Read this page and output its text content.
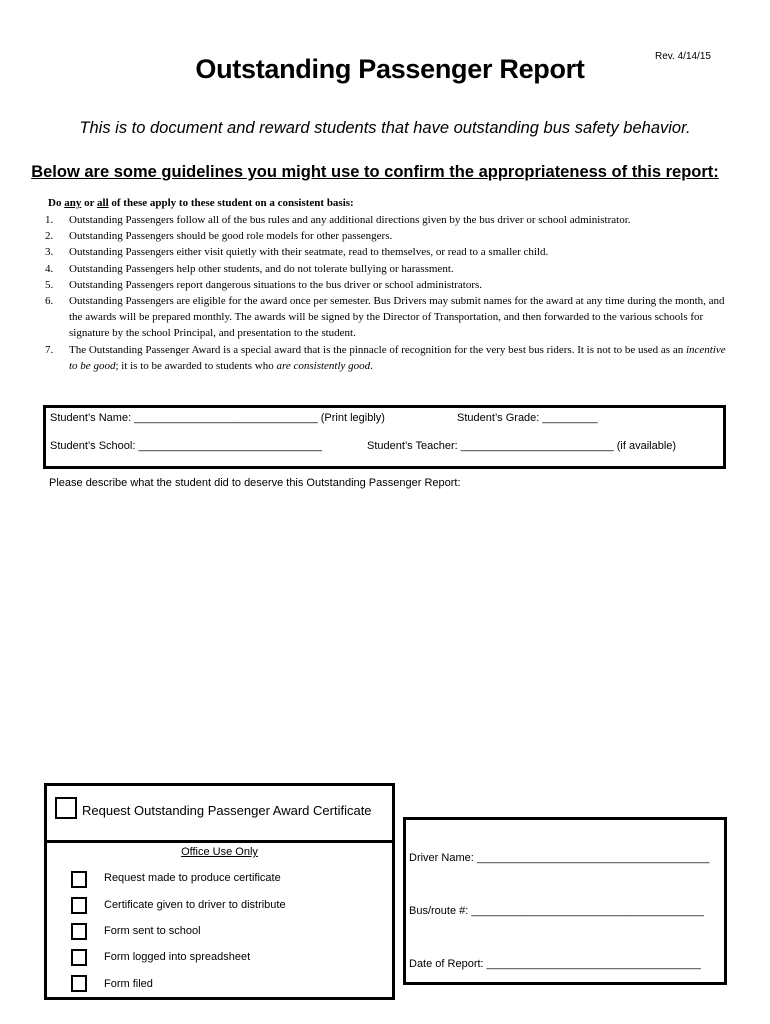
Rev. 4/14/15
Outstanding Passenger Report
This is to document and reward students that have outstanding bus safety behavior.
Below are some guidelines you might use to confirm the appropriateness of this report:
Do any or all of these apply to these student on a consistent basis:
1. Outstanding Passengers follow all of the bus rules and any additional directions given by the bus driver or school administrator.
2. Outstanding Passengers should be good role models for other passengers.
3. Outstanding Passengers either visit quietly with their seatmate, read to themselves, or read to a smaller child.
4. Outstanding Passengers help other students, and do not tolerate bullying or harassment.
5. Outstanding Passengers report dangerous situations to the bus driver or school administrators.
6. Outstanding Passengers are eligible for the award once per semester. Bus Drivers may submit names for the award at any time during the month, and the awards will be prepared monthly. The awards will be signed by the Director of Transportation, and then forwarded to the various schools for signature by the school Principal, and presentation to the student.
7. The Outstanding Passenger Award is a special award that is the pinnacle of recognition for the very best bus riders. It is not to be used as an incentive to be good; it is to be awarded to students who are consistently good.
Student’s Name: ______________________________ (Print legibly)	Student’s Grade: _________
Student’s School: ______________________________	Student’s Teacher: _________________________ (if available)
Please describe what the student did to deserve this Outstanding Passenger Report:
Request Outstanding Passenger Award Certificate
Office Use Only
Request made to produce certificate
Certificate given to driver to distribute
Form sent to school
Form logged into spreadsheet
Form filed
Driver Name: ______________________________________
Bus/route #: ______________________________________
Date of Report: ___________________________________
